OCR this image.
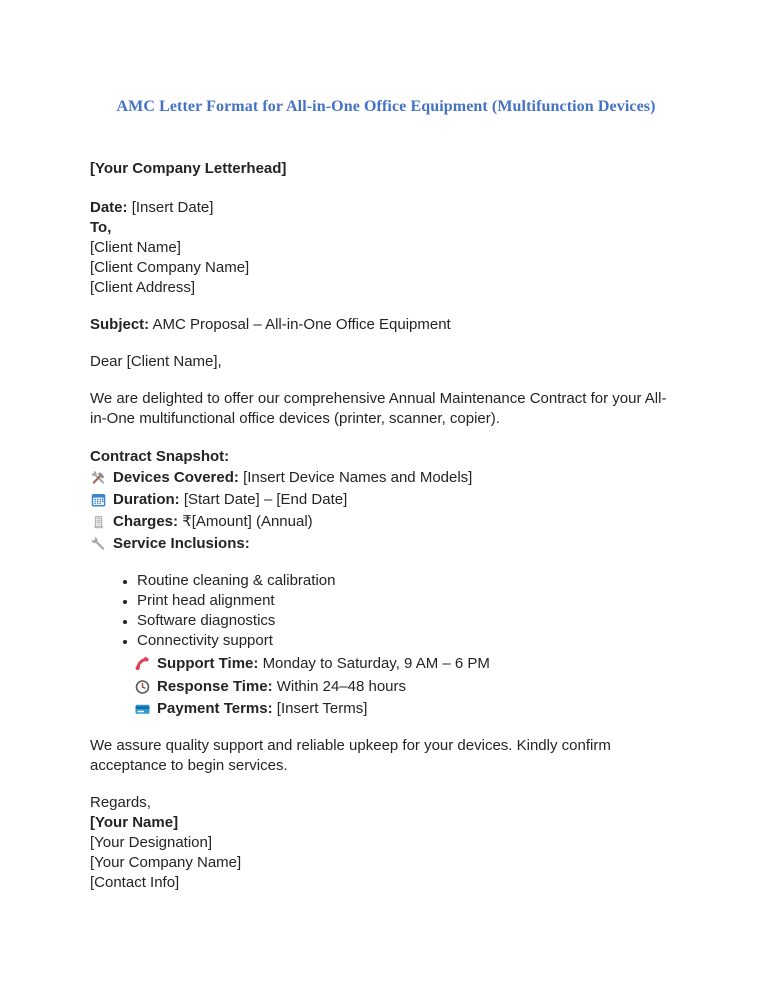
AMC Letter Format for All-in-One Office Equipment (Multifunction Devices)

[Your Company Letterhead]

Date: [Insert Date]

To,

[Client Name]

[Client Company Name]

[Client Address]

Subject: AMC Proposal – All-in-One Office Equipment

Dear [Client Name],

We are delighted to offer our comprehensive Annual Maintenance Contract for your All-in-One multifunctional office devices (printer, scanner, copier).

Contract Snapshot:

Devices Covered: [Insert Device Names and Models]
Duration: [Start Date] – [End Date]
Charges: ₹[Amount] (Annual)
Service Inclusions:
• Routine cleaning & calibration
• Print head alignment
• Software diagnostics
• Connectivity support
Support Time: Monday to Saturday, 9 AM – 6 PM
Response Time: Within 24–48 hours
Payment Terms: [Insert Terms]

We assure quality support and reliable upkeep for your devices. Kindly confirm acceptance to begin services.

Regards,

[Your Name]

[Your Designation]

[Your Company Name]

[Contact Info]
